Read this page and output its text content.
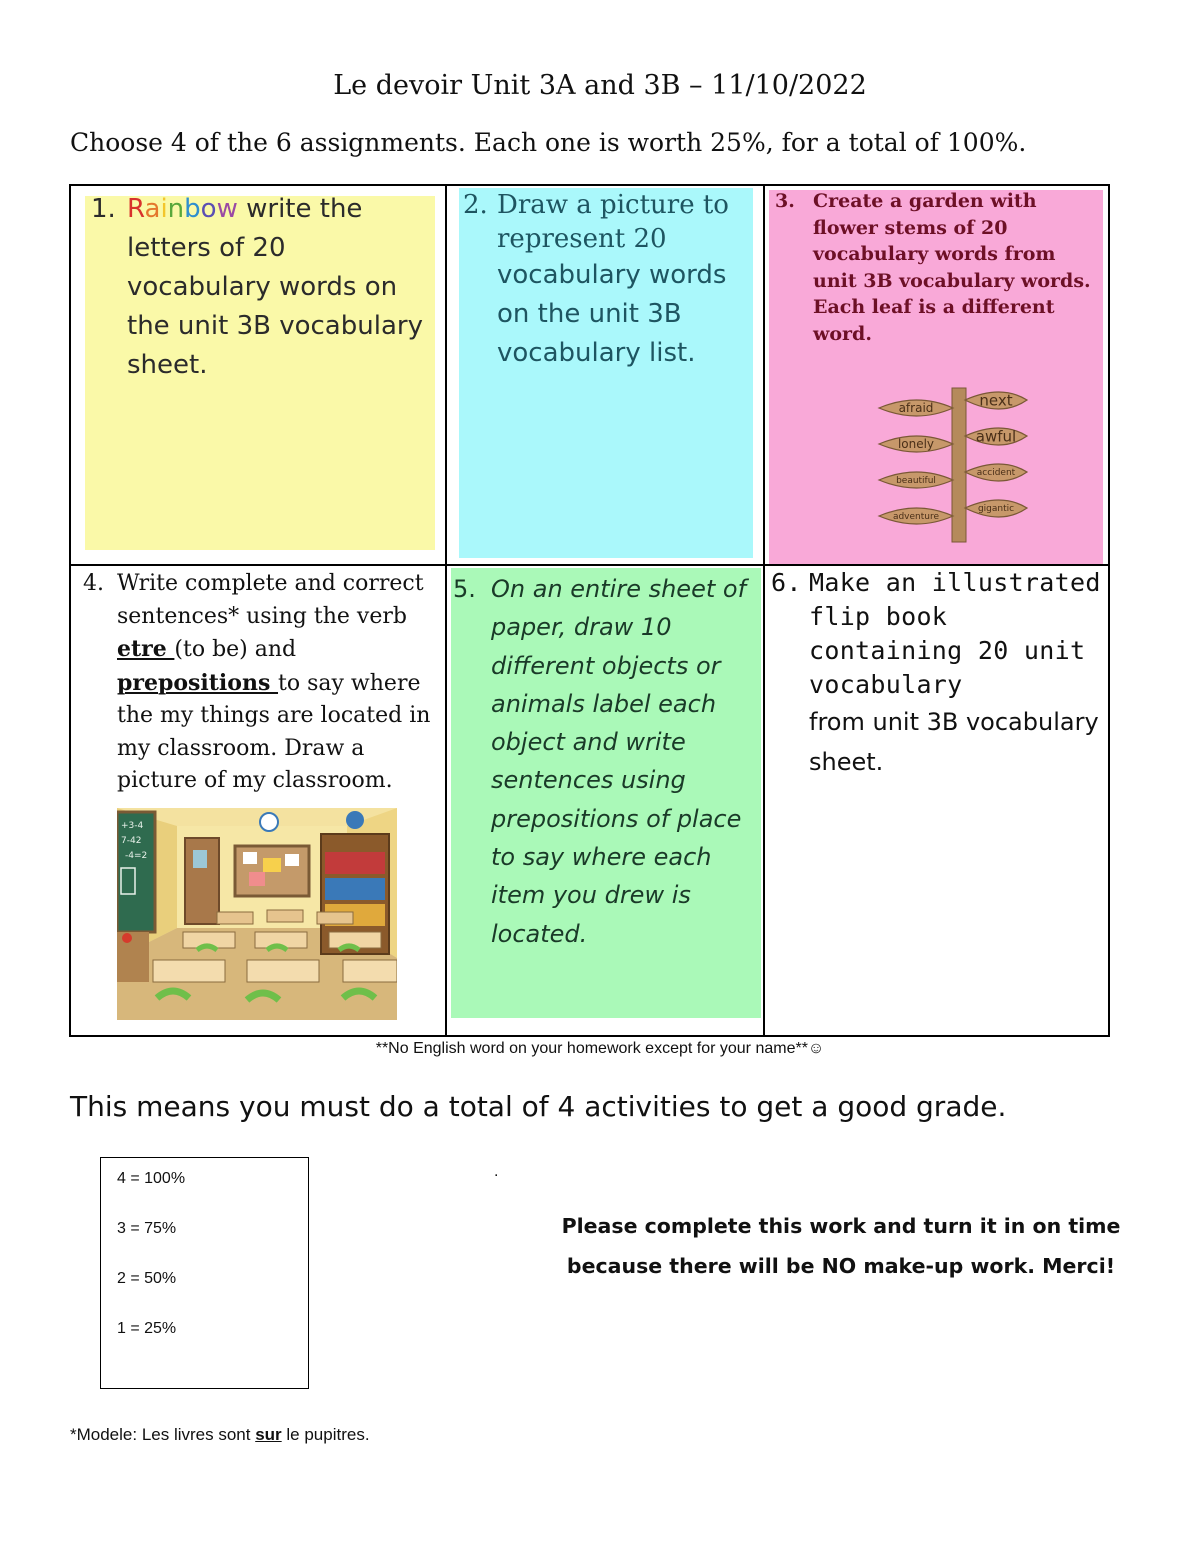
Le devoir Unit 3A and 3B – 11/10/2022
Choose 4 of the 6 assignments. Each one is worth 25%, for a total of 100%.
1. Rainbow write the letters of 20 vocabulary words on the unit 3B vocabulary sheet.
2. Draw a picture to represent 20
vocabulary words on the unit 3B vocabulary list.
3. Create a garden with flower stems of 20 vocabulary words from unit 3B vocabulary words. Each leaf is a different word.
afraid
lonely
beautiful
adventure
next
awful
accident
gigantic
4. Write complete and correct sentences* using the verb etre (to be) and prepositions to say where the my things are located in my classroom. Draw a picture of my classroom.
+3-4
7-42
-4=2
5. On an entire sheet of paper, draw 10 different objects or animals label each object and write sentences using prepositions of place to say where each item you drew is located.
6. Make an illustrated flip book containing 20 unit vocabulary
from unit 3B vocabulary sheet.
**No English word on your homework except for your name**☺
This means you must do a total of 4 activities to get a good grade.
4 = 100%
3 = 75%
2 = 50%
1 = 25%
.
Please complete this work and turn it in on time because there will be NO make-up work. Merci!
*Modele: Les livres sont sur le pupitres.
